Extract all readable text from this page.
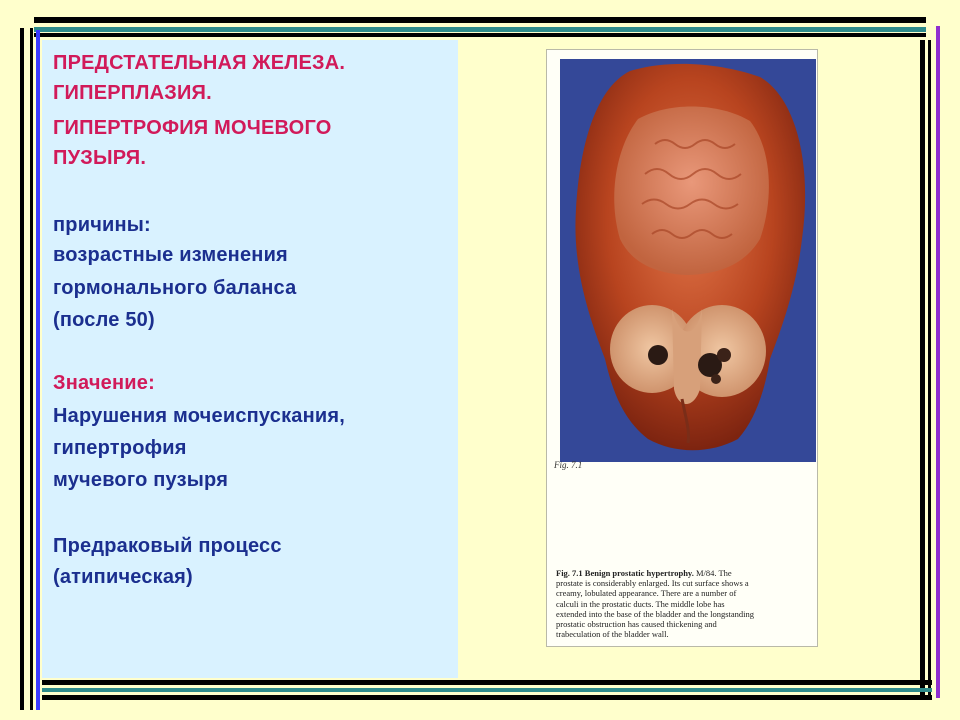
ПРЕДСТАТЕЛЬНАЯ ЖЕЛЕЗА.

ГИПЕРПЛАЗИЯ.

ГИПЕРТРОФИЯ МОЧЕВОГО

ПУЗЫРЯ.

причины:

возрастные изменения

гормонального баланса

(после 50)

Значение:

Нарушения мочеиспускания,

гипертрофия

мучевого пузыря

Предраковый процесс

(атипическая)

Fig. 7.1
Fig. 7.1 Benign prostatic hypertrophy. M/84. The
prostate is considerably enlarged. Its cut surface shows a
creamy, lobulated appearance. There are a number of
calculi in the prostatic ducts. The middle lobe has
extended into the base of the bladder and the longstanding
prostatic obstruction has caused thickening and
trabeculation of the bladder wall.
